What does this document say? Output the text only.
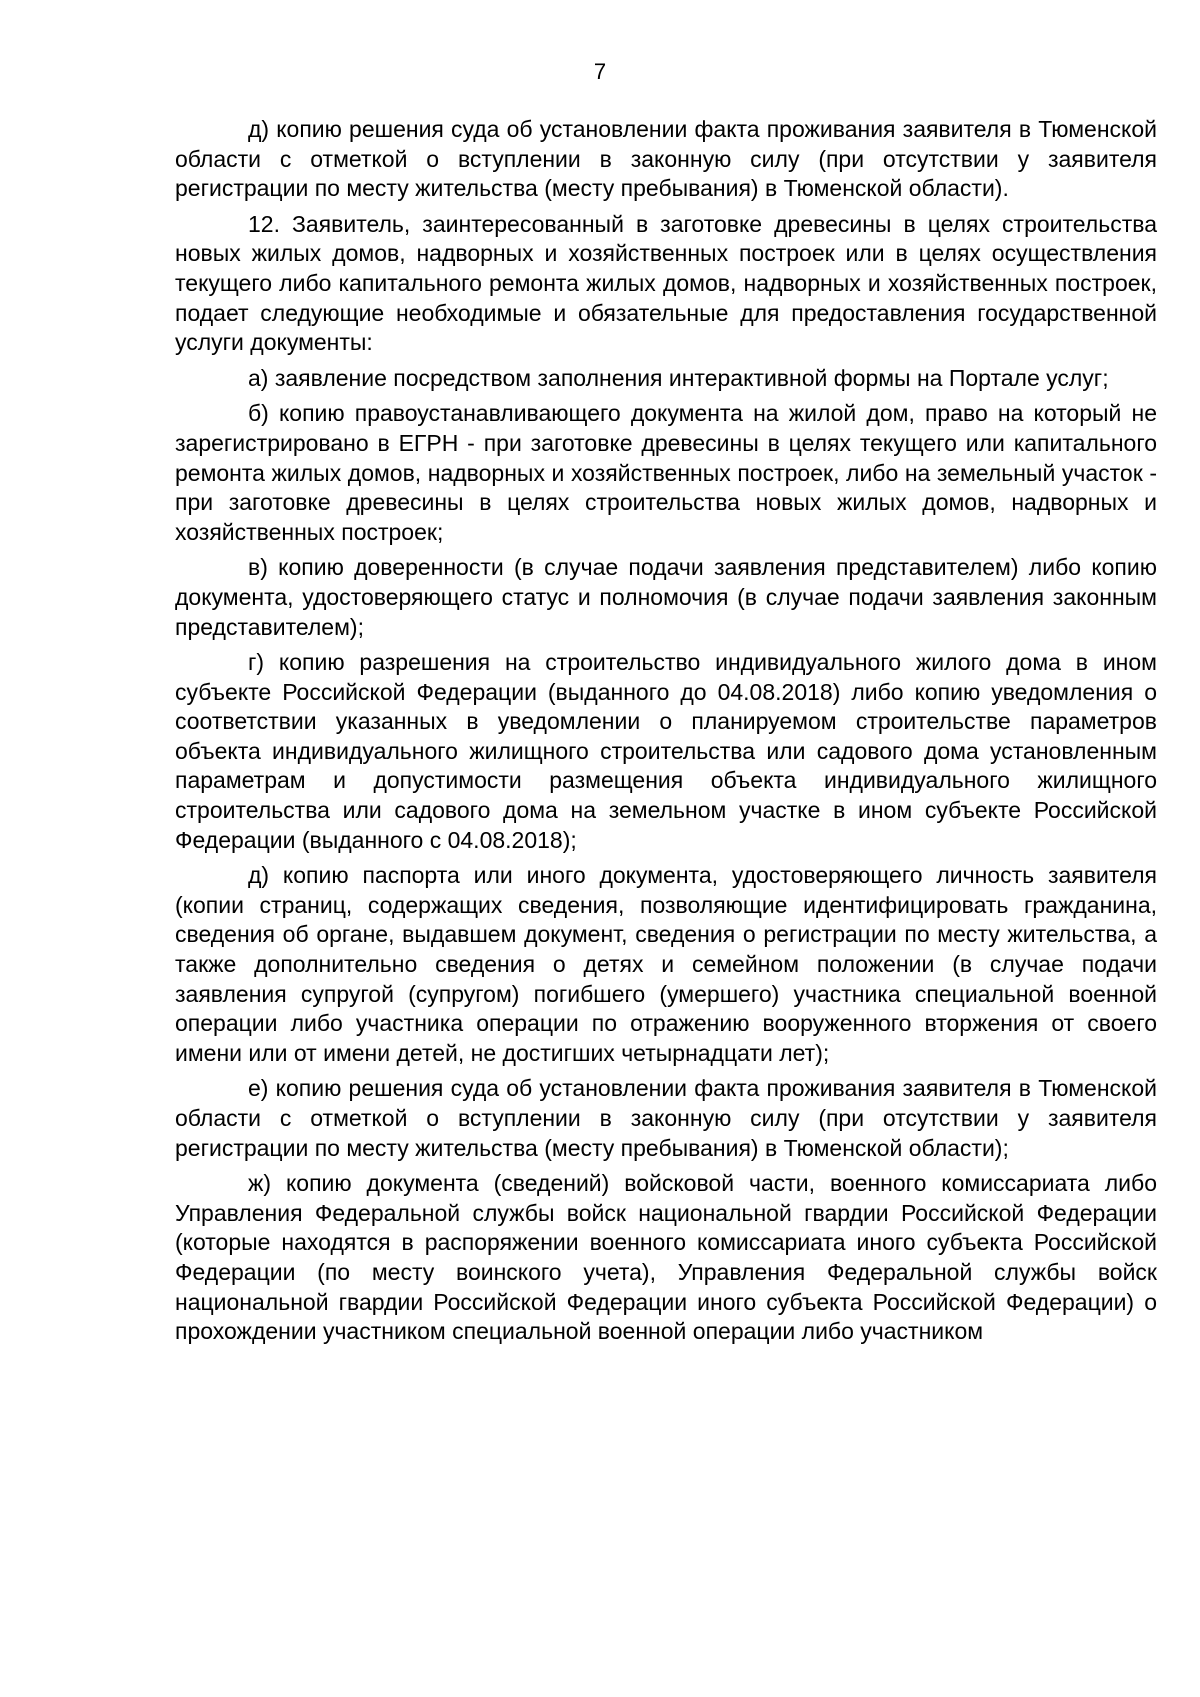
7

д) копию решения суда об установлении факта проживания заявителя в Тюменской области с отметкой о вступлении в законную силу (при отсутствии у заявителя регистрации по месту жительства (месту пребывания) в Тюменской области).

12. Заявитель, заинтересованный в заготовке древесины в целях строительства новых жилых домов, надворных и хозяйственных построек или в целях осуществления текущего либо капитального ремонта жилых домов, надворных и хозяйственных построек, подает следующие необходимые и обязательные для предоставления государственной услуги документы:

а) заявление посредством заполнения интерактивной формы на Портале услуг;

б) копию правоустанавливающего документа на жилой дом, право на который не зарегистрировано в ЕГРН - при заготовке древесины в целях текущего или капитального ремонта жилых домов, надворных и хозяйственных построек, либо на земельный участок - при заготовке древесины в целях строительства новых жилых домов, надворных и хозяйственных построек;

в) копию доверенности (в случае подачи заявления представителем) либо копию документа, удостоверяющего статус и полномочия (в случае подачи заявления законным представителем);

г) копию разрешения на строительство индивидуального жилого дома в ином субъекте Российской Федерации (выданного до 04.08.2018) либо копию уведомления о соответствии указанных в уведомлении о планируемом строительстве параметров объекта индивидуального жилищного строительства или садового дома установленным параметрам и допустимости размещения объекта индивидуального жилищного строительства или садового дома на земельном участке в ином субъекте Российской Федерации (выданного с 04.08.2018);

д) копию паспорта или иного документа, удостоверяющего личность заявителя (копии страниц, содержащих сведения, позволяющие идентифицировать гражданина, сведения об органе, выдавшем документ, сведения о регистрации по месту жительства, а также дополнительно сведения о детях и семейном положении (в случае подачи заявления супругой (супругом) погибшего (умершего) участника специальной военной операции либо участника операции по отражению вооруженного вторжения от своего имени или от имени детей, не достигших четырнадцати лет);

е) копию решения суда об установлении факта проживания заявителя в Тюменской области с отметкой о вступлении в законную силу (при отсутствии у заявителя регистрации по месту жительства (месту пребывания) в Тюменской области);

ж) копию документа (сведений) войсковой части, военного комиссариата либо Управления Федеральной службы войск национальной гвардии Российской Федерации (которые находятся в распоряжении военного комиссариата иного субъекта Российской Федерации (по месту воинского учета), Управления Федеральной службы войск национальной гвардии Российской Федерации иного субъекта Российской Федерации) о прохождении участником специальной военной операции либо участником
